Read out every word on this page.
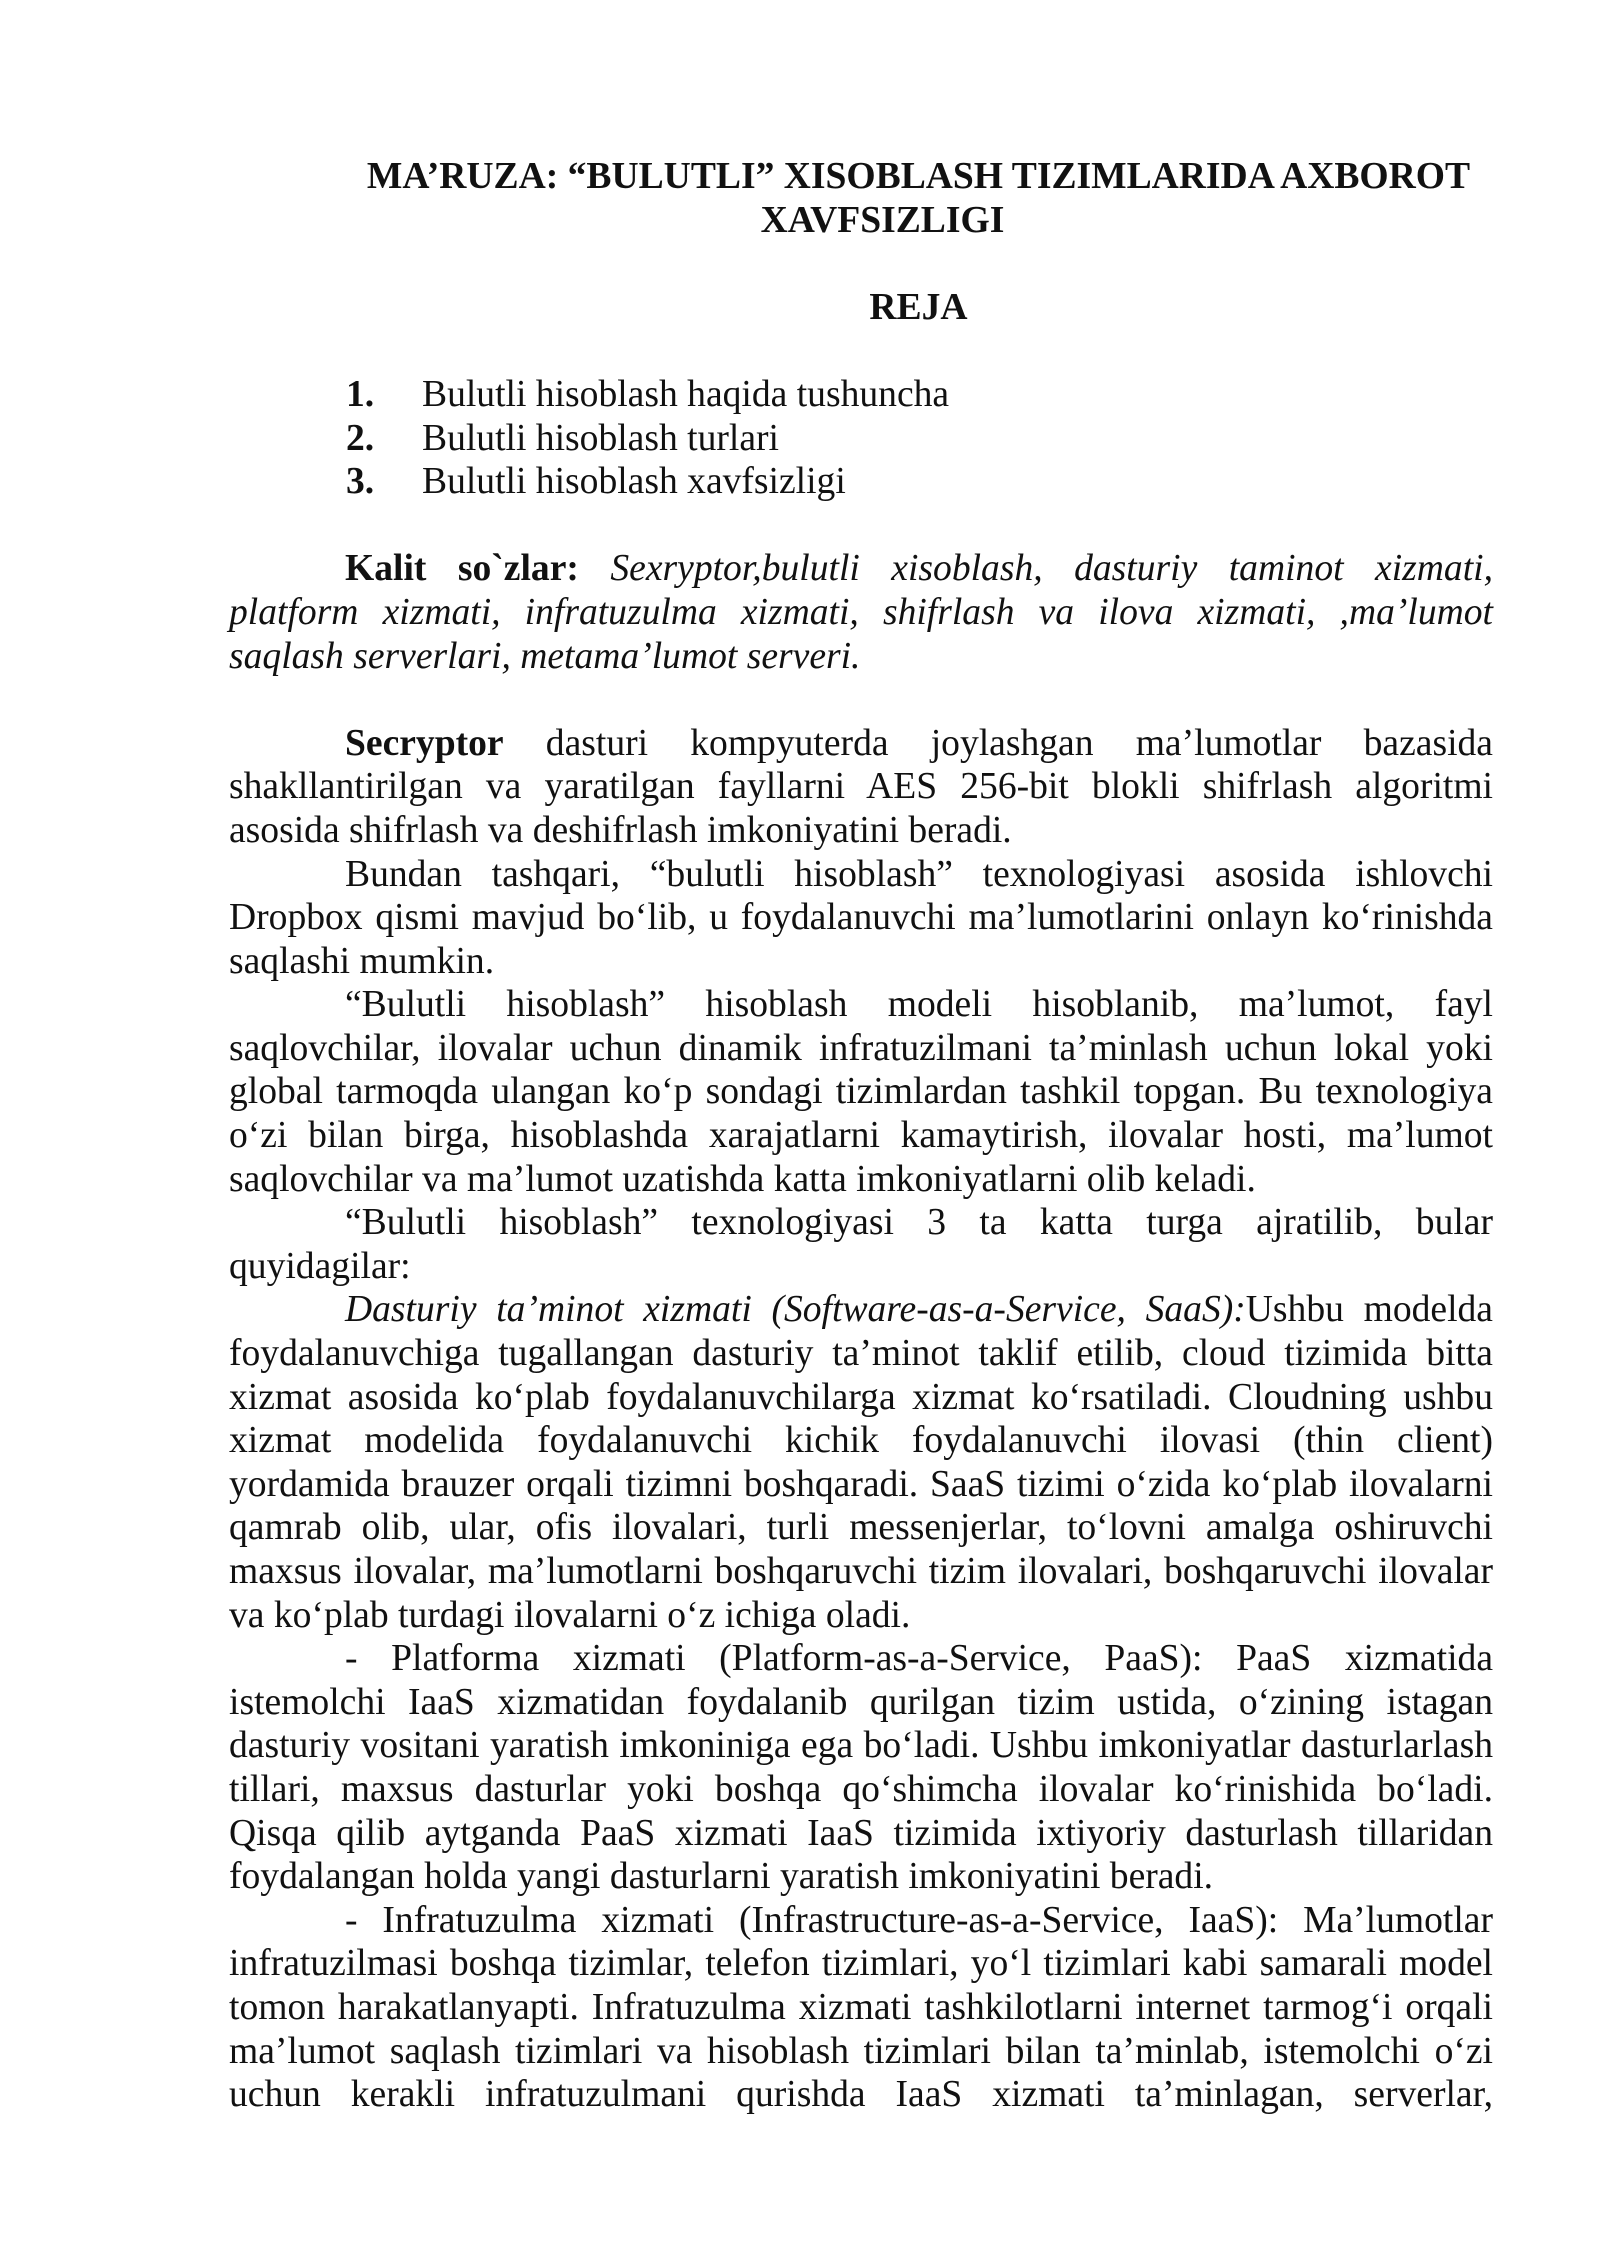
MA’RUZA: “BULUTLI” XISOBLASH TIZIMLARIDA AXBOROT XAVFSIZLIGI
REJA
1. Bulutli hisoblash haqida tushuncha
2. Bulutli hisoblash turlari
3. Bulutli hisoblash xavfsizligi
Kalit so`zlar: Sexryptor,bulutli xisoblash, dasturiy taminot xizmati,
platform xizmati, infratuzulma xizmati, shifrlash va ilova xizmati, ,ma’lumot
saqlash serverlari, metama’lumot serveri.
Secryptor dasturi kompyuterda joylashgan ma’lumotlar bazasida
shakllantirilgan va yaratilgan fayllarni AES 256-bit blokli shifrlash algoritmi
asosida shifrlash va deshifrlash imkoniyatini beradi.
Bundan tashqari, “bulutli hisoblash” texnologiyasi asosida ishlovchi
Dropbox qismi mavjud bo‘lib, u foydalanuvchi ma’lumotlarini onlayn ko‘rinishda
saqlashi mumkin.
“Bulutli hisoblash” hisoblash modeli hisoblanib, ma’lumot, fayl
saqlovchilar, ilovalar uchun dinamik infratuzilmani ta’minlash uchun lokal yoki
global tarmoqda ulangan ko‘p sondagi tizimlardan tashkil topgan. Bu texnologiya
o‘zi bilan birga, hisoblashda xarajatlarni kamaytirish, ilovalar hosti, ma’lumot
saqlovchilar va ma’lumot uzatishda katta imkoniyatlarni olib keladi.
“Bulutli hisoblash” texnologiyasi 3 ta katta turga ajratilib, bular
quyidagilar:
Dasturiy ta’minot xizmati (Software-as-a-Service, SaaS):Ushbu modelda
foydalanuvchiga tugallangan dasturiy ta’minot taklif etilib, cloud tizimida bitta
xizmat asosida ko‘plab foydalanuvchilarga xizmat ko‘rsatiladi. Cloudning ushbu
xizmat modelida foydalanuvchi kichik foydalanuvchi ilovasi (thin client)
yordamida brauzer orqali tizimni boshqaradi. SaaS tizimi o‘zida ko‘plab ilovalarni
qamrab olib, ular, ofis ilovalari, turli messenjerlar, to‘lovni amalga oshiruvchi
maxsus ilovalar, ma’lumotlarni boshqaruvchi tizim ilovalari, boshqaruvchi ilovalar
va ko‘plab turdagi ilovalarni o‘z ichiga oladi.
- Platforma xizmati (Platform-as-a-Service, PaaS): PaaS xizmatida
istemolchi IaaS xizmatidan foydalanib qurilgan tizim ustida, o‘zining istagan
dasturiy vositani yaratish imkoniniga ega bo‘ladi. Ushbu imkoniyatlar dasturlarlash
tillari, maxsus dasturlar yoki boshqa qo‘shimcha ilovalar ko‘rinishida bo‘ladi.
Qisqa qilib aytganda PaaS xizmati IaaS tizimida ixtiyoriy dasturlash tillaridan
foydalangan holda yangi dasturlarni yaratish imkoniyatini beradi.
- Infratuzulma xizmati (Infrastructure-as-a-Service, IaaS): Ma’lumotlar
infratuzilmasi boshqa tizimlar, telefon tizimlari, yo‘l tizimlari kabi samarali model
tomon harakatlanyapti. Infratuzulma xizmati tashkilotlarni internet tarmog‘i orqali
ma’lumot saqlash tizimlari va hisoblash tizimlari bilan ta’minlab, istemolchi o‘zi
uchun kerakli infratuzulmani qurishda IaaS xizmati ta’minlagan, serverlar,
